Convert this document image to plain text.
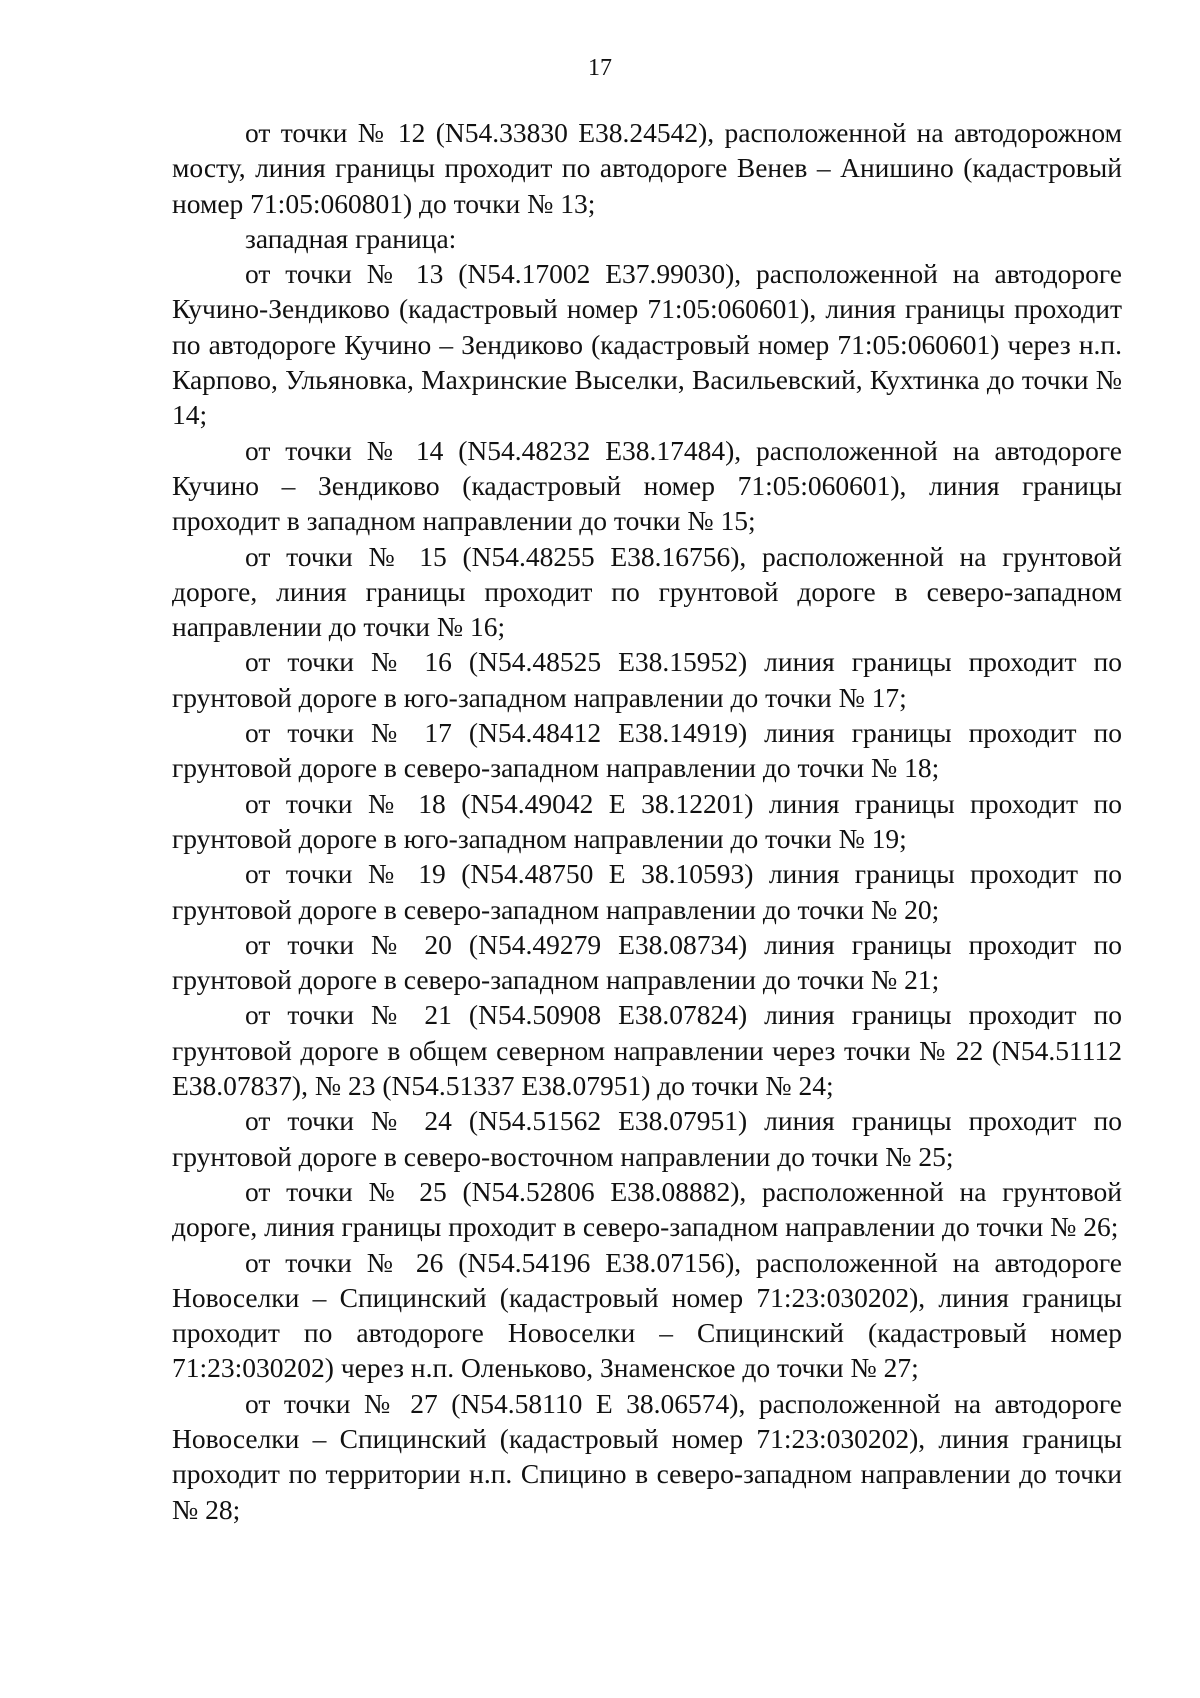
17

от точки № 12 (N54.33830 E38.24542), расположенной на автодорожном мосту, линия границы проходит по автодороге Венев – Анишино (кадастровый номер 71:05:060801) до точки № 13;

западная граница:

от точки № 13 (N54.17002 E37.99030), расположенной на автодороге Кучино-Зендиково (кадастровый номер 71:05:060601), линия границы проходит по автодороге Кучино – Зендиково (кадастровый номер 71:05:060601) через н.п. Карпово, Ульяновка, Махринские Выселки, Васильевский, Кухтинка до точки № 14;

от точки № 14 (N54.48232 E38.17484), расположенной на автодороге Кучино – Зендиково (кадастровый номер 71:05:060601), линия границы проходит в западном направлении до точки № 15;

от точки № 15 (N54.48255 E38.16756), расположенной на грунтовой дороге, линия границы проходит по грунтовой дороге в северо-западном направлении до точки № 16;

от точки № 16 (N54.48525 E38.15952) линия границы проходит по грунтовой дороге в юго-западном направлении до точки № 17;

от точки № 17 (N54.48412 E38.14919) линия границы проходит по грунтовой дороге в северо-западном направлении до точки № 18;

от точки № 18 (N54.49042 E 38.12201) линия границы проходит по грунтовой дороге в юго-западном направлении до точки № 19;

от точки № 19 (N54.48750 E 38.10593) линия границы проходит по грунтовой дороге в северо-западном направлении до точки № 20;

от точки № 20 (N54.49279 E38.08734) линия границы проходит по грунтовой дороге в северо-западном направлении до точки № 21;

от точки № 21 (N54.50908 E38.07824) линия границы проходит по грунтовой дороге в общем северном направлении через точки № 22 (N54.51112 E38.07837), № 23 (N54.51337 E38.07951) до точки № 24;

от точки № 24 (N54.51562 E38.07951) линия границы проходит по грунтовой дороге в северо-восточном направлении до точки № 25;

от точки № 25 (N54.52806 E38.08882), расположенной на грунтовой дороге, линия границы проходит в северо-западном направлении до точки № 26;

от точки № 26 (N54.54196 E38.07156), расположенной на автодороге Новоселки – Спицинский (кадастровый номер 71:23:030202), линия границы проходит по автодороге Новоселки – Спицинский (кадастровый номер 71:23:030202) через н.п. Оленьково, Знаменское до точки № 27;

от точки № 27 (N54.58110 E 38.06574), расположенной на автодороге Новоселки – Спицинский (кадастровый номер 71:23:030202), линия границы проходит по территории н.п. Спицино в северо-западном направлении до точки № 28;
